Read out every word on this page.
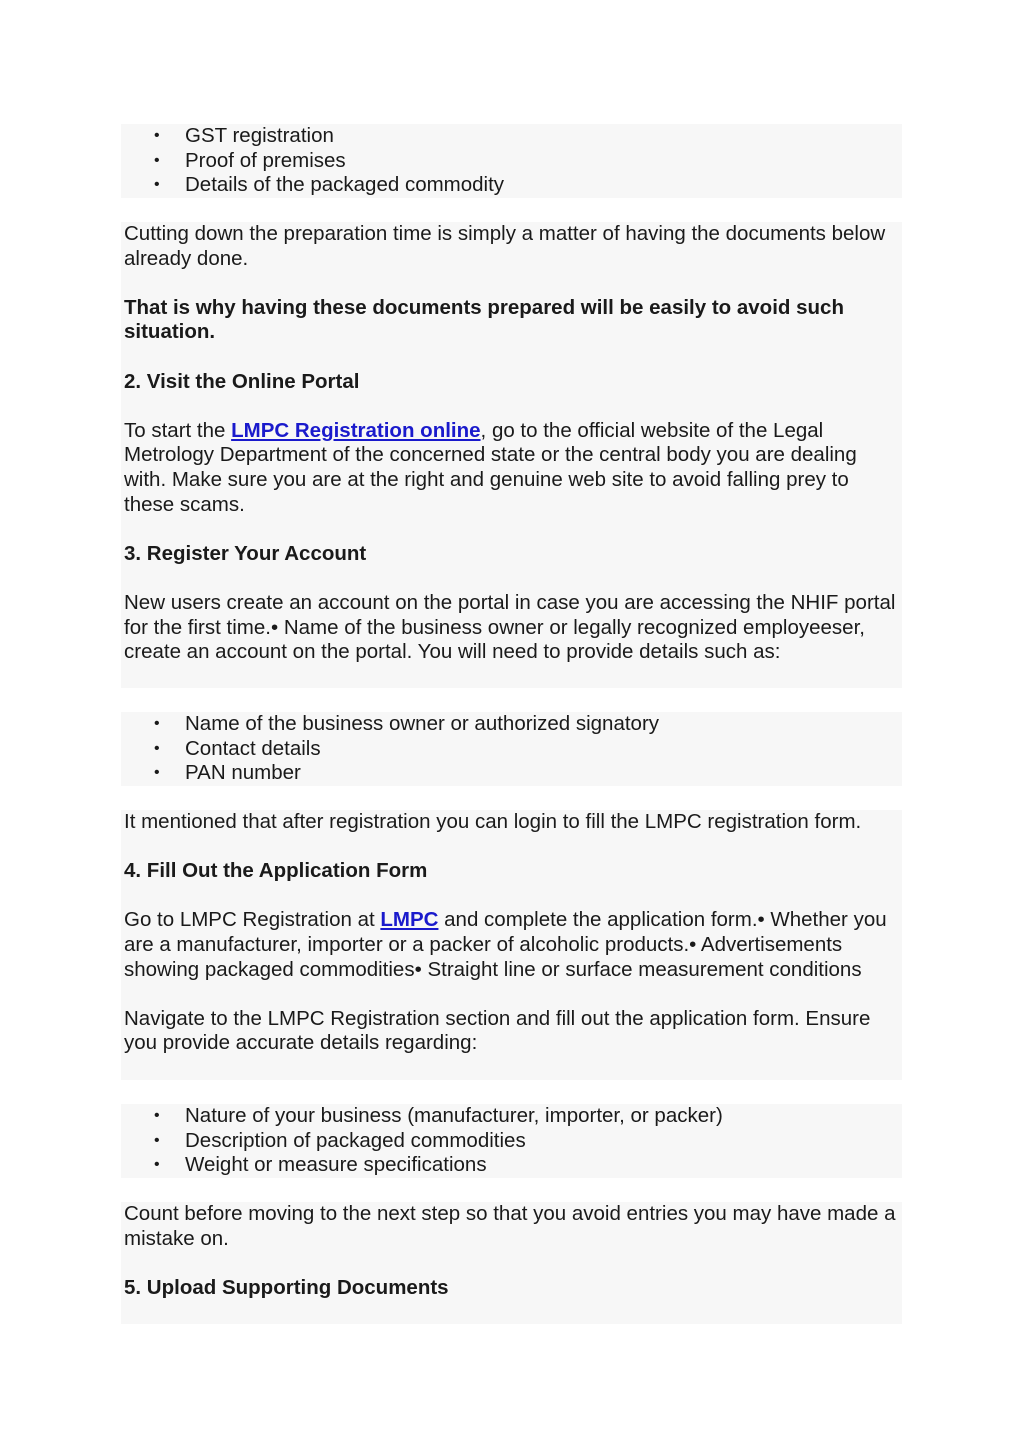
• GST registration
• Proof of premises
• Details of the packaged commodity

Cutting down the preparation time is simply a matter of having the documents below already done.

That is why having these documents prepared will be easily to avoid such situation.

2. Visit the Online Portal

To start the LMPC Registration online, go to the official website of the Legal Metrology Department of the concerned state or the central body you are dealing with. Make sure you are at the right and genuine web site to avoid falling prey to these scams.

3. Register Your Account

New users create an account on the portal in case you are accessing the NHIF portal for the first time.• Name of the business owner or legally recognized employeeser, create an account on the portal. You will need to provide details such as:

• Name of the business owner or authorized signatory
• Contact details
• PAN number

It mentioned that after registration you can login to fill the LMPC registration form.

4. Fill Out the Application Form

Go to LMPC Registration at LMPC and complete the application form.• Whether you are a manufacturer, importer or a packer of alcoholic products.• Advertisements showing packaged commodities• Straight line or surface measurement conditions

Navigate to the LMPC Registration section and fill out the application form. Ensure you provide accurate details regarding:

• Nature of your business (manufacturer, importer, or packer)
• Description of packaged commodities
• Weight or measure specifications

Count before moving to the next step so that you avoid entries you may have made a mistake on.

5. Upload Supporting Documents
